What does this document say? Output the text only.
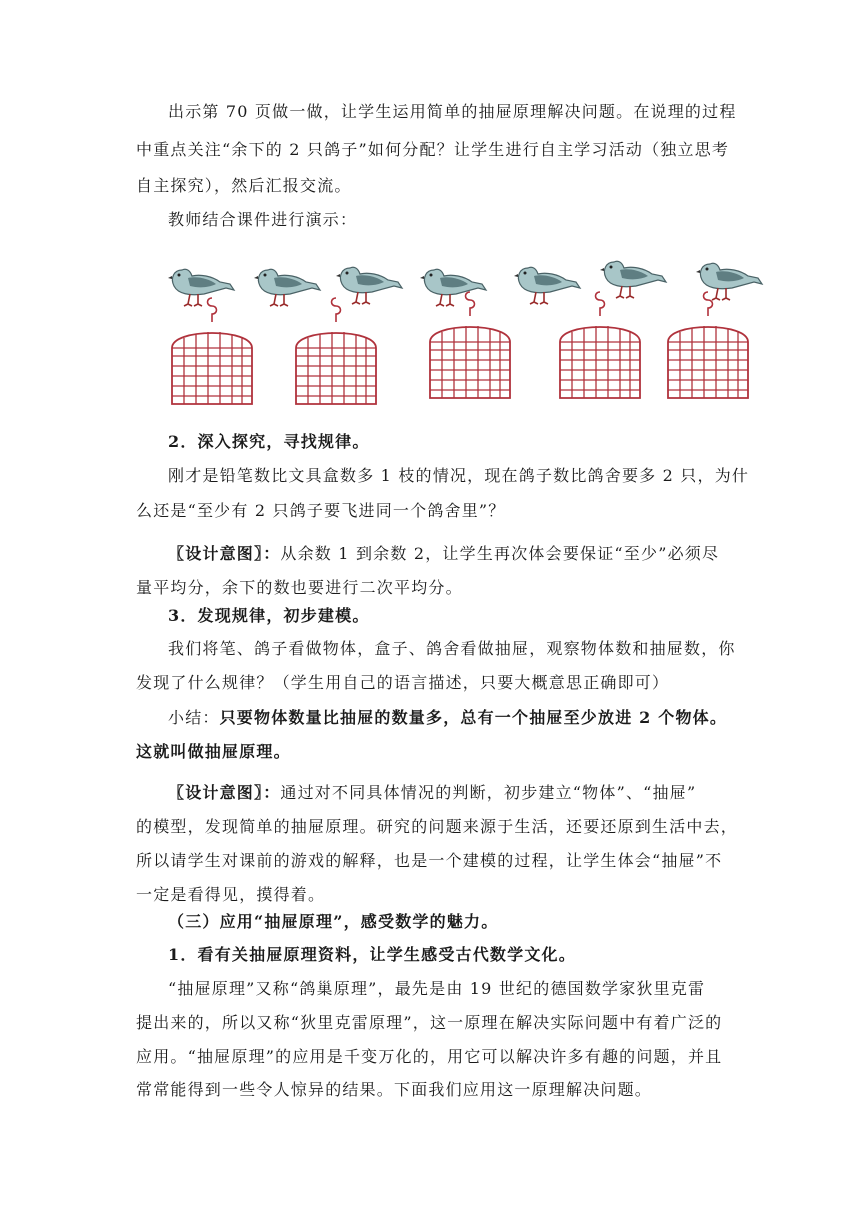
出示第 70 页做一做，让学生运用简单的抽屉原理解决问题。在说理的过程
中重点关注“余下的 2 只鸽子”如何分配？让学生进行自主学习活动（独立思考
自主探究），然后汇报交流。
教师结合课件进行演示：
2．深入探究，寻找规律。
刚才是铅笔数比文具盒数多 1 枝的情况，现在鸽子数比鸽舍要多 2 只，为什
么还是“至少有 2 只鸽子要飞进同一个鸽舍里”？
〖设计意图〗：从余数 1 到余数 2，让学生再次体会要保证“至少”必须尽
量平均分，余下的数也要进行二次平均分。
3．发现规律，初步建模。
我们将笔、鸽子看做物体，盒子、鸽舍看做抽屉，观察物体数和抽屉数，你
发现了什么规律？（学生用自己的语言描述，只要大概意思正确即可）
小结：只要物体数量比抽屉的数量多，总有一个抽屉至少放进 2 个物体。
这就叫做抽屉原理。
〖设计意图〗：通过对不同具体情况的判断，初步建立“物体”、“抽屉”
的模型，发现简单的抽屉原理。研究的问题来源于生活，还要还原到生活中去，
所以请学生对课前的游戏的解释，也是一个建模的过程，让学生体会“抽屉”不
一定是看得见，摸得着。
（三）应用“抽屉原理”，感受数学的魅力。
1．看有关抽屉原理资料，让学生感受古代数学文化。
“抽屉原理”又称“鸽巢原理”，最先是由 19 世纪的德国数学家狄里克雷
提出来的，所以又称“狄里克雷原理”，这一原理在解决实际问题中有着广泛的
应用。“抽屉原理”的应用是千变万化的，用它可以解决许多有趣的问题，并且
常常能得到一些令人惊异的结果。下面我们应用这一原理解决问题。
